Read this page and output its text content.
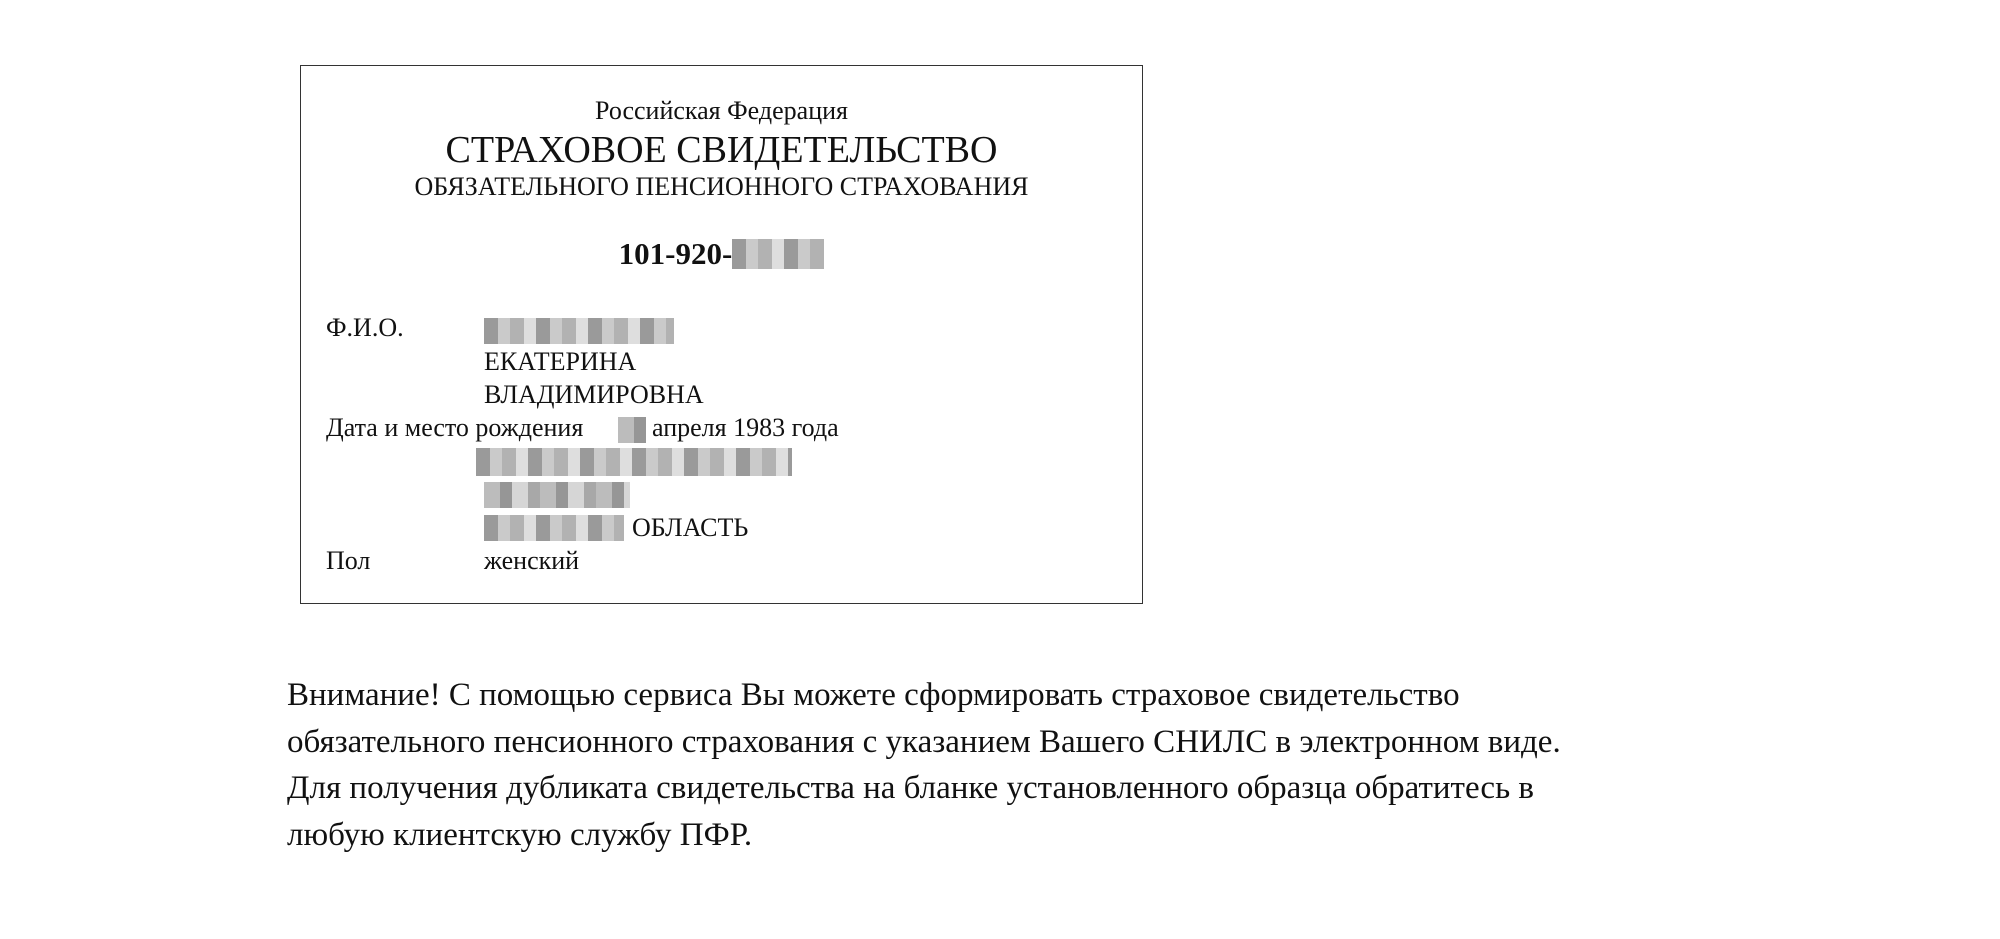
Российская Федерация
СТРАХОВОЕ СВИДЕТЕЛЬСТВО
ОБЯЗАТЕЛЬНОГО ПЕНСИОННОГО СТРАХОВАНИЯ
101-920-
Ф.И.О.
ЕКАТЕРИНА
ВЛАДИМИРОВНА
Дата и место рождения	апреля 1983 года
ОБЛАСТЬ
Пол	женский
Внимание! С помощью сервиса Вы можете сформировать страховое свидетельство
обязательного пенсионного страхования с указанием Вашего СНИЛС в электронном виде.
Для получения дубликата свидетельства на бланке установленного образца обратитесь в
любую клиентскую службу ПФР.
